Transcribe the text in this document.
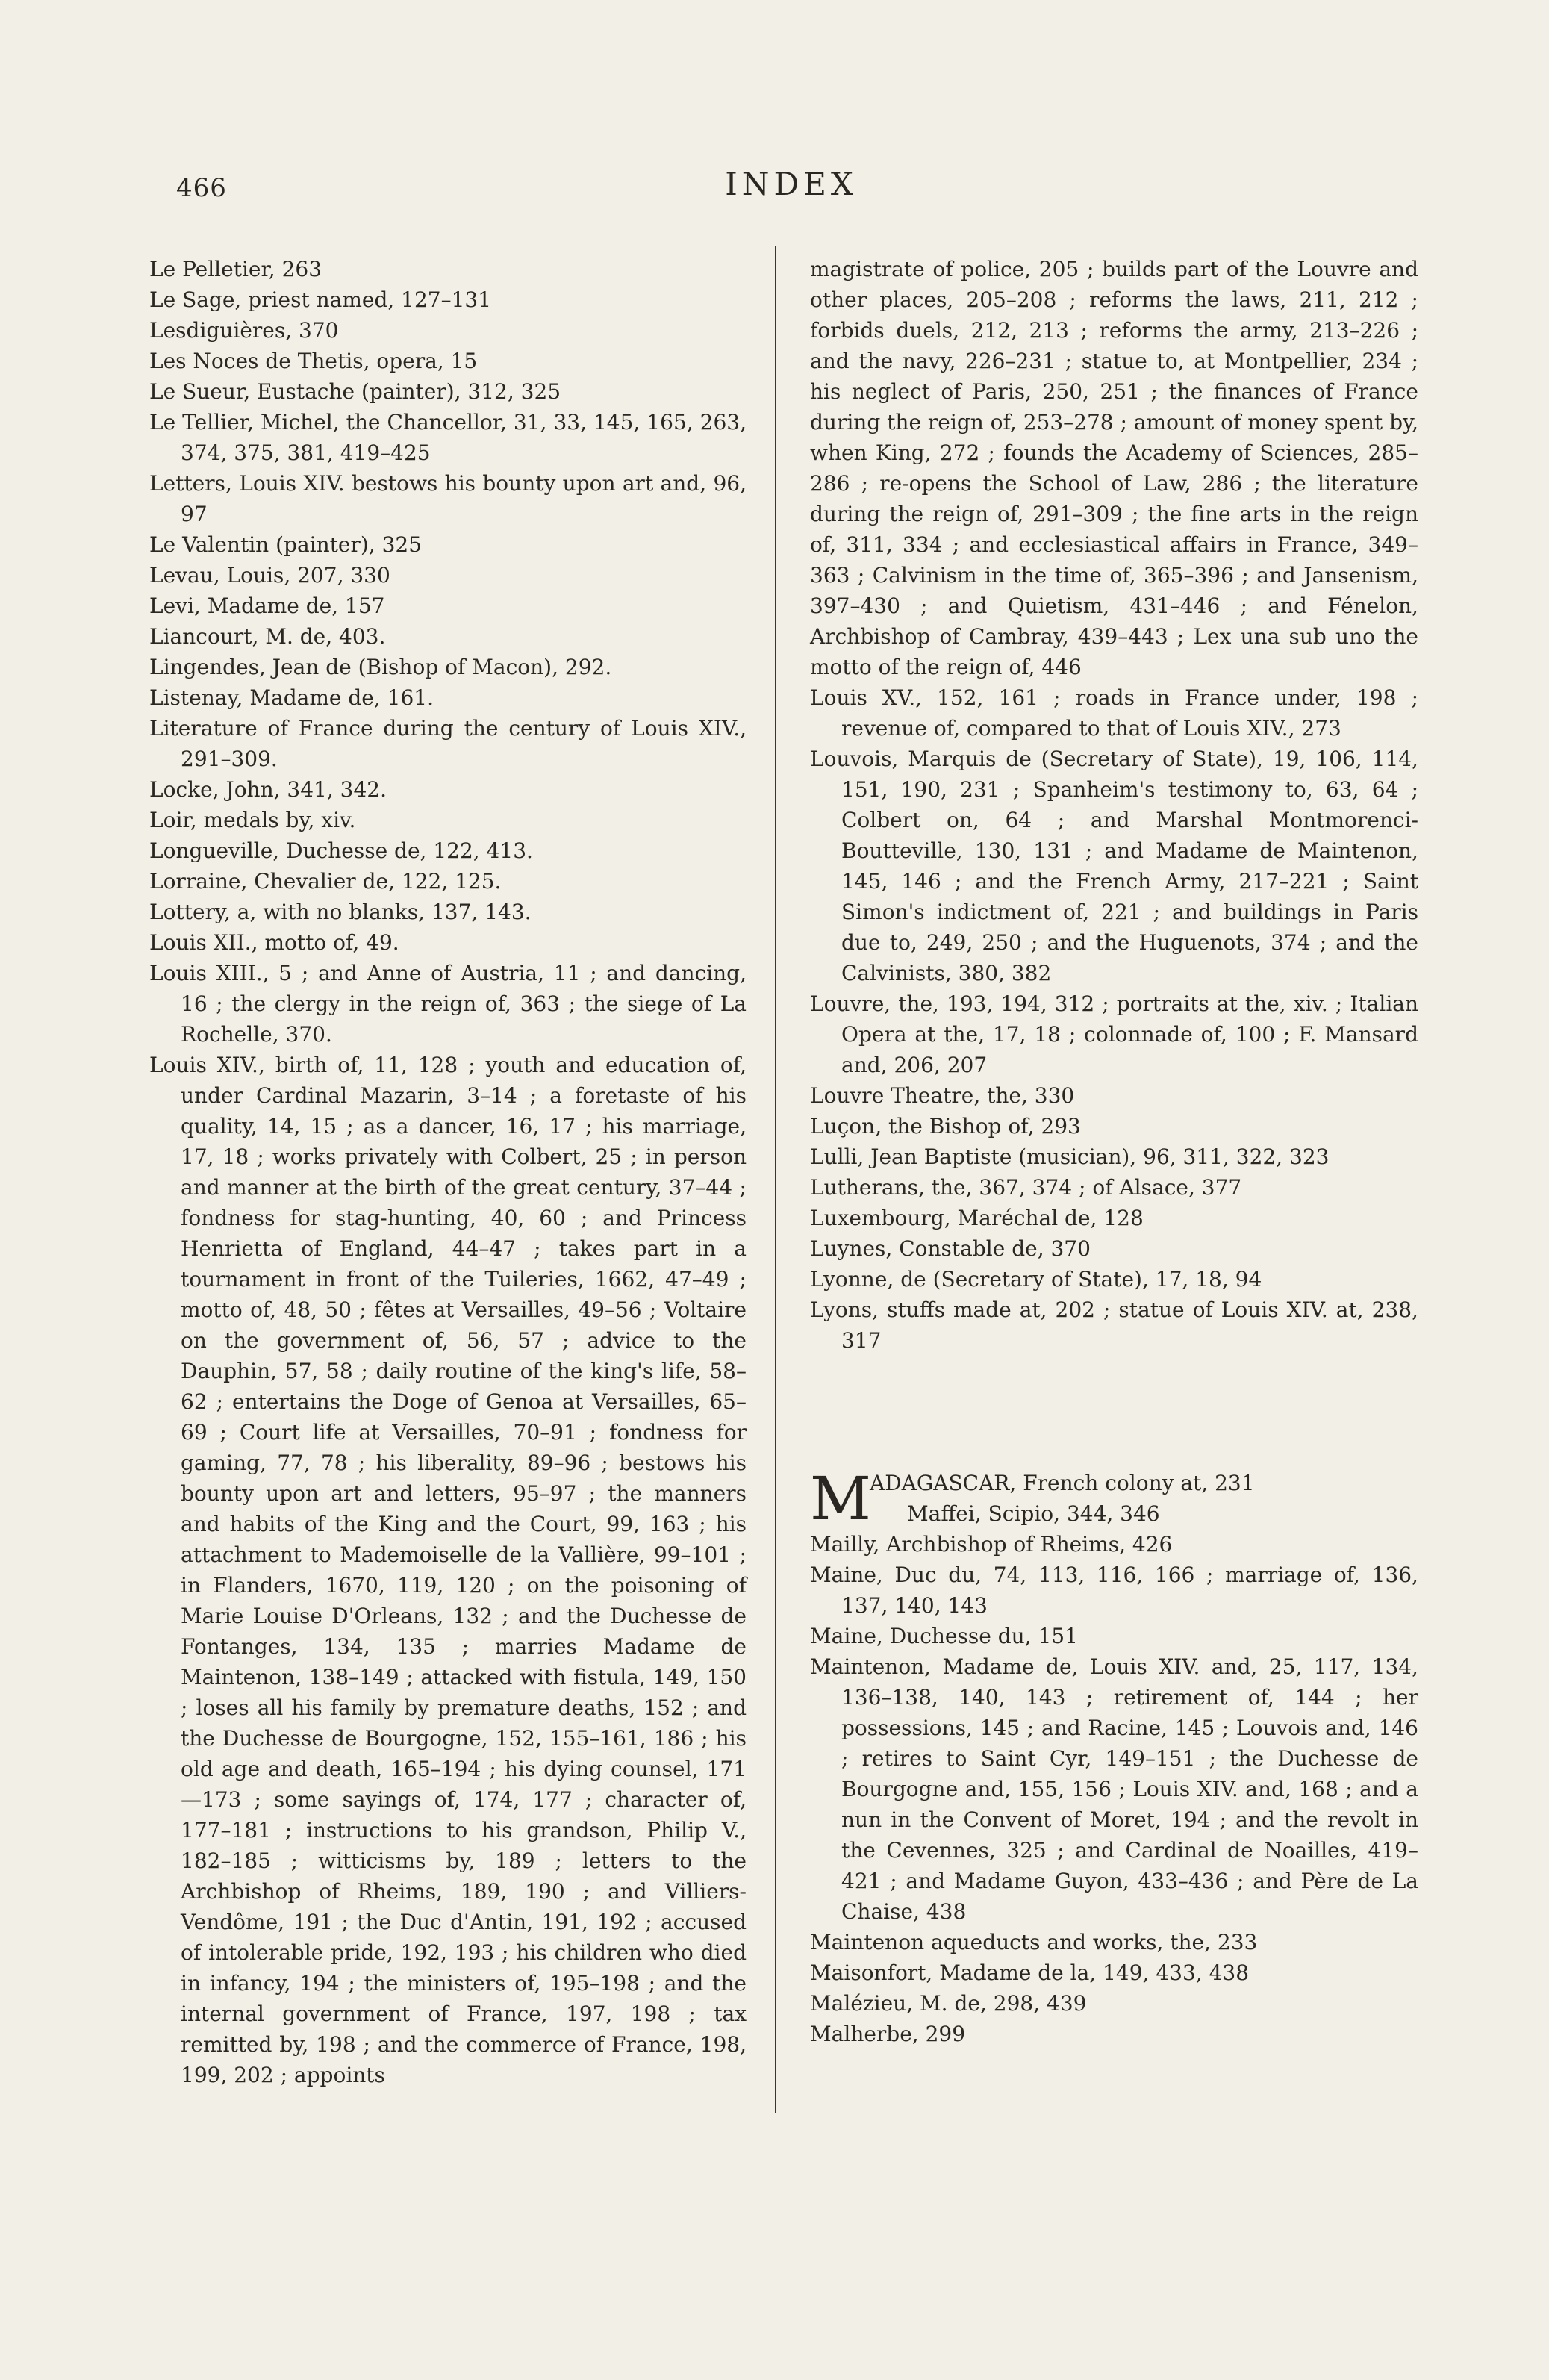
466	INDEX
Le Pelletier, 263
Le Sage, priest named, 127–131
Lesdiguières, 370
Les Noces de Thetis, opera, 15
Le Sueur, Eustache (painter), 312, 325
Le Tellier, Michel, the Chancellor, 31, 33, 145, 165, 263, 374, 375, 381, 419–425
Letters, Louis XIV. bestows his bounty upon art and, 96, 97
Le Valentin (painter), 325
Levau, Louis, 207, 330
Levi, Madame de, 157
Liancourt, M. de, 403.
Lingendes, Jean de (Bishop of Macon), 292.
Listenay, Madame de, 161.
Literature of France during the century of Louis XIV., 291–309.
Locke, John, 341, 342.
Loir, medals by, xiv.
Longueville, Duchesse de, 122, 413.
Lorraine, Chevalier de, 122, 125.
Lottery, a, with no blanks, 137, 143.
Louis XII., motto of, 49.
Louis XIII., 5 ; and Anne of Austria, 11 ; and dancing, 16 ; the clergy in the reign of, 363 ; the siege of La Rochelle, 370.
Louis XIV., birth of, 11, 128 ; youth and education of, under Cardinal Mazarin, 3–14 ; a foretaste of his quality, 14, 15 ; as a dancer, 16, 17 ; his marriage, 17, 18 ; works privately with Colbert, 25 ; in person and manner at the birth of the great century, 37–44 ; fondness for stag-hunting, 40, 60 ; and Princess Henrietta of England, 44–47 ; takes part in a tournament in front of the Tuileries, 1662, 47–49 ; motto of, 48, 50 ; fêtes at Versailles, 49–56 ; Voltaire on the government of, 56, 57 ; advice to the Dauphin, 57, 58 ; daily routine of the king's life, 58–62 ; entertains the Doge of Genoa at Versailles, 65–69 ; Court life at Versailles, 70–91 ; fondness for gaming, 77, 78 ; his liberality, 89–96 ; bestows his bounty upon art and letters, 95–97 ; the manners and habits of the King and the Court, 99, 163 ; his attachment to Mademoiselle de la Vallière, 99–101 ; in Flanders, 1670, 119, 120 ; on the poisoning of Marie Louise D'Orleans, 132 ; and the Duchesse de Fontanges, 134, 135 ; marries Madame de Maintenon, 138–149 ; attacked with fistula, 149, 150 ; loses all his family by premature deaths, 152 ; and the Duchesse de Bourgogne, 152, 155–161, 186 ; his old age and death, 165–194 ; his dying counsel, 171—173 ; some sayings of, 174, 177 ; character of, 177–181 ; instructions to his grandson, Philip V., 182–185 ; witticisms by, 189 ; letters to the Archbishop of Rheims, 189, 190 ; and Villiers-Vendôme, 191 ; the Duc d'Antin, 191, 192 ; accused of intolerable pride, 192, 193 ; his children who died in infancy, 194 ; the ministers of, 195–198 ; and the internal government of France, 197, 198 ; tax remitted by, 198 ; and the commerce of France, 198, 199, 202 ; appoints
magistrate of police, 205 ; builds part of the Louvre and other places, 205–208 ; reforms the laws, 211, 212 ; forbids duels, 212, 213 ; reforms the army, 213–226 ; and the navy, 226–231 ; statue to, at Montpellier, 234 ; his neglect of Paris, 250, 251 ; the finances of France during the reign of, 253–278 ; amount of money spent by, when King, 272 ; founds the Academy of Sciences, 285–286 ; re-opens the School of Law, 286 ; the literature during the reign of, 291–309 ; the fine arts in the reign of, 311, 334 ; and ecclesiastical affairs in France, 349–363 ; Calvinism in the time of, 365–396 ; and Jansenism, 397–430 ; and Quietism, 431–446 ; and Fénelon, Archbishop of Cambray, 439–443 ; Lex una sub uno the motto of the reign of, 446
Louis XV., 152, 161 ; roads in France under, 198 ; revenue of, compared to that of Louis XIV., 273
Louvois, Marquis de (Secretary of State), 19, 106, 114, 151, 190, 231 ; Spanheim's testimony to, 63, 64 ; Colbert on, 64 ; and Marshal Montmorenci-Boutteville, 130, 131 ; and Madame de Maintenon, 145, 146 ; and the French Army, 217–221 ; Saint Simon's indictment of, 221 ; and buildings in Paris due to, 249, 250 ; and the Huguenots, 374 ; and the Calvinists, 380, 382
Louvre, the, 193, 194, 312 ; portraits at the, xiv. ; Italian Opera at the, 17, 18 ; colonnade of, 100 ; F. Mansard and, 206, 207
Louvre Theatre, the, 330
Luçon, the Bishop of, 293
Lulli, Jean Baptiste (musician), 96, 311, 322, 323
Lutherans, the, 367, 374 ; of Alsace, 377
Luxembourg, Maréchal de, 128
Luynes, Constable de, 370
Lyonne, de (Secretary of State), 17, 18, 94
Lyons, stuffs made at, 202 ; statue of Louis XIV. at, 238, 317
M
ADAGASCAR, French colony at, 231
Maffei, Scipio, 344, 346
Mailly, Archbishop of Rheims, 426
Maine, Duc du, 74, 113, 116, 166 ; marriage of, 136, 137, 140, 143
Maine, Duchesse du, 151
Maintenon, Madame de, Louis XIV. and, 25, 117, 134, 136–138, 140, 143 ; retirement of, 144 ; her possessions, 145 ; and Racine, 145 ; Louvois and, 146 ; retires to Saint Cyr, 149–151 ; the Duchesse de Bourgogne and, 155, 156 ; Louis XIV. and, 168 ; and a nun in the Convent of Moret, 194 ; and the revolt in the Cevennes, 325 ; and Cardinal de Noailles, 419–421 ; and Madame Guyon, 433–436 ; and Père de La Chaise, 438
Maintenon aqueducts and works, the, 233
Maisonfort, Madame de la, 149, 433, 438
Malézieu, M. de, 298, 439
Malherbe, 299
